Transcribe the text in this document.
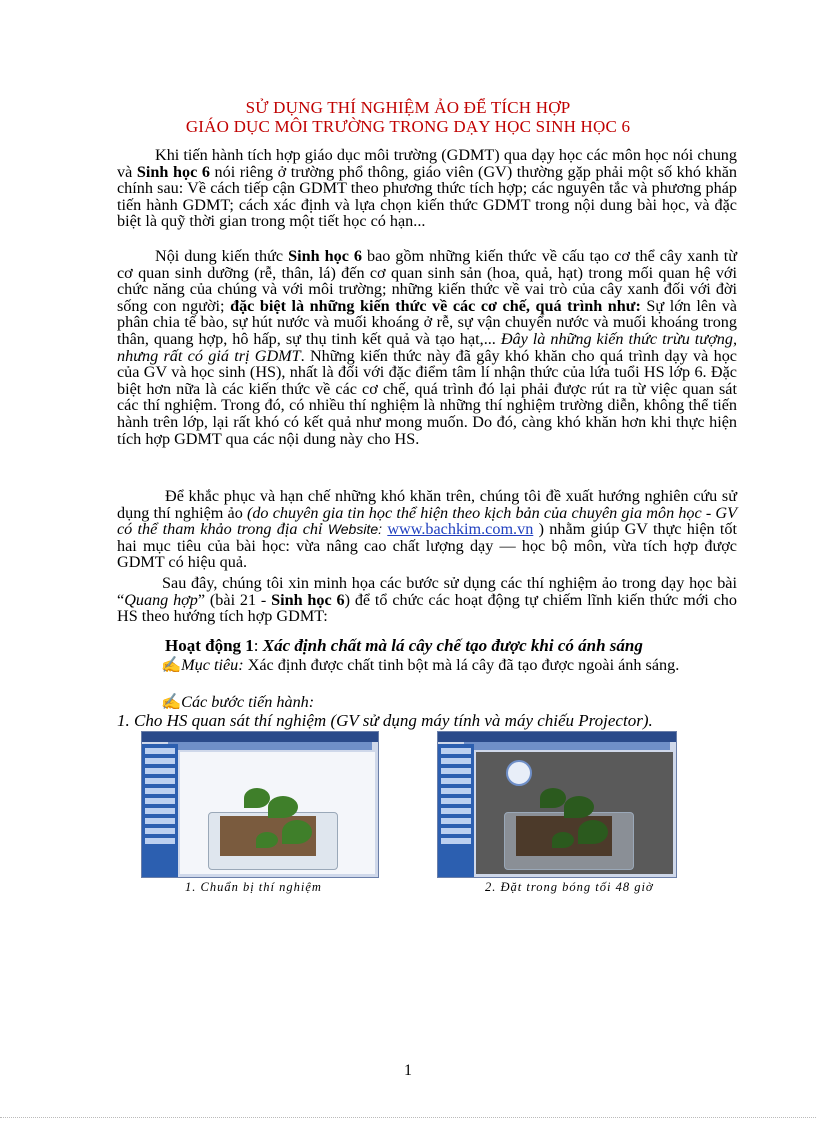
SỬ DỤNG THÍ NGHIỆM ẢO ĐỂ TÍCH HỢP
GIÁO DỤC MÔI TRƯỜNG TRONG DẠY HỌC SINH HỌC 6
Khi tiến hành tích hợp giáo dục môi trường (GDMT) qua dạy học các môn học nói chung và Sinh học 6 nói riêng ở trường phổ thông, giáo viên (GV) thường gặp phải một số khó khăn chính sau: Về cách tiếp cận GDMT theo phương thức tích hợp; các nguyên tắc và phương pháp tiến hành GDMT; cách xác định và lựa chọn kiến thức GDMT trong nội dung bài học, và đặc biệt là quỹ thời gian trong một tiết học có hạn...
Nội dung kiến thức Sinh học 6 bao gồm những kiến thức về cấu tạo cơ thể cây xanh từ cơ quan sinh dưỡng (rễ, thân, lá) đến cơ quan sinh sản (hoa, quả, hạt) trong mối quan hệ với chức năng của chúng và với môi trường; những kiến thức về vai trò của cây xanh đối với đời sống con người; đặc biệt là những kiến thức về các cơ chế, quá trình như: Sự lớn lên và phân chia tế bào, sự hút nước và muối khoáng ở rễ, sự vận chuyển nước và muối khoáng trong thân, quang hợp, hô hấp, sự thụ tinh kết quả và tạo hạt,... Đây là những kiến thức trừu tượng, nhưng rất có giá trị GDMT. Những kiến thức này đã gây khó khăn cho quá trình dạy và học của GV và học sinh (HS), nhất là đối với đặc điểm tâm lí nhận thức của lứa tuổi HS lớp 6. Đặc biệt hơn nữa là các kiến thức về các cơ chế, quá trình đó lại phải được rút ra từ việc quan sát các thí nghiệm. Trong đó, có nhiều thí nghiệm là những thí nghiệm trường diễn, không thể tiến hành trên lớp, lại rất khó có kết quả như mong muốn. Do đó, càng khó khăn hơn khi thực hiện tích hợp GDMT qua các nội dung này cho HS.
Để khắc phục và hạn chế những khó khăn trên, chúng tôi đề xuất hướng nghiên cứu sử dụng thí nghiệm ảo (do chuyên gia tin học thể hiện theo kịch bản của chuyên gia môn học - GV có thể tham khảo trong địa chỉ Website: www.bachkim.com.vn ) nhằm giúp GV thực hiện tốt hai mục tiêu của bài học: vừa nâng cao chất lượng dạy — học bộ môn, vừa tích hợp được GDMT có hiệu quả.
Sau đây, chúng tôi xin minh họa các bước sử dụng các thí nghiệm ảo trong dạy học bài “Quang hợp” (bài 21 - Sinh học 6) để tổ chức các hoạt động tự chiếm lĩnh kiến thức mới cho HS theo hướng tích hợp GDMT:
Hoạt động 1: Xác định chất mà lá cây chế tạo được khi có ánh sáng
✍Mục tiêu: Xác định được chất tinh bột mà lá cây đã tạo được ngoài ánh sáng.
✍Các bước tiến hành:
1. Cho HS quan sát thí nghiệm (GV sử dụng máy tính và máy chiếu Projector).
1. Chuẩn bị thí nghiệm	2. Đặt trong bóng tối 48 giờ
1
